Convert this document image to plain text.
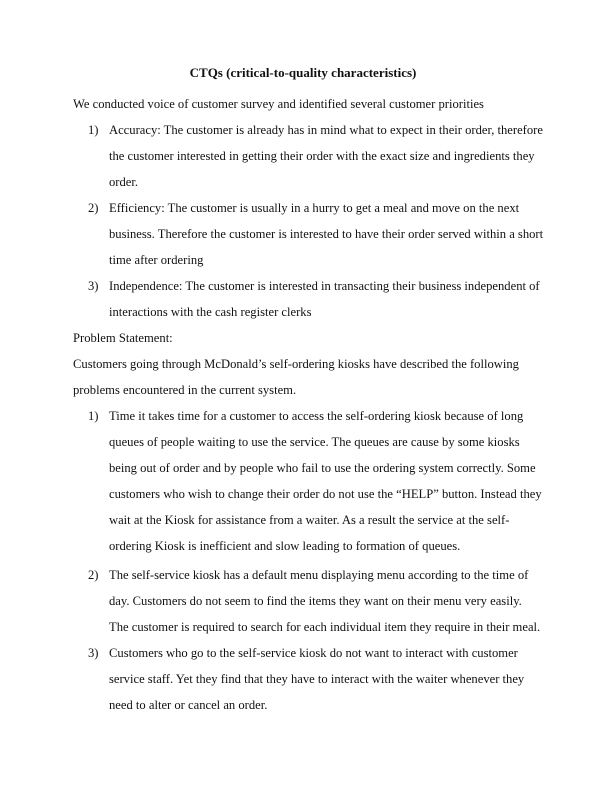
CTQs (critical-to-quality characteristics)
We conducted voice of customer survey and identified several customer priorities
1) Accuracy: The customer is already has in mind what to expect in their order, therefore
the customer interested in getting their order with the exact size and ingredients they
order.
2) Efficiency: The customer is usually in a hurry to get a meal and move on the next
business. Therefore the customer is interested to have their order served within a short
time after ordering
3) Independence: The customer is interested in transacting their business independent of
interactions with the cash register clerks
Problem Statement:
Customers going through McDonald’s self-ordering kiosks have described the following
problems encountered in the current system.
1) Time it takes time for a customer to access the self-ordering kiosk because of long
queues of people waiting to use the service. The queues are cause by some kiosks
being out of order and by people who fail to use the ordering system correctly. Some
customers who wish to change their order do not use the “HELP” button. Instead they
wait at the Kiosk for assistance from a waiter. As a result the service at the self-
ordering Kiosk is inefficient and slow leading to formation of queues.
2) The self-service kiosk has a default menu displaying menu according to the time of
day. Customers do not seem to find the items they want on their menu very easily.
The customer is required to search for each individual item they require in their meal.
3) Customers who go to the self-service kiosk do not want to interact with customer
service staff. Yet they find that they have to interact with the waiter whenever they
need to alter or cancel an order.
